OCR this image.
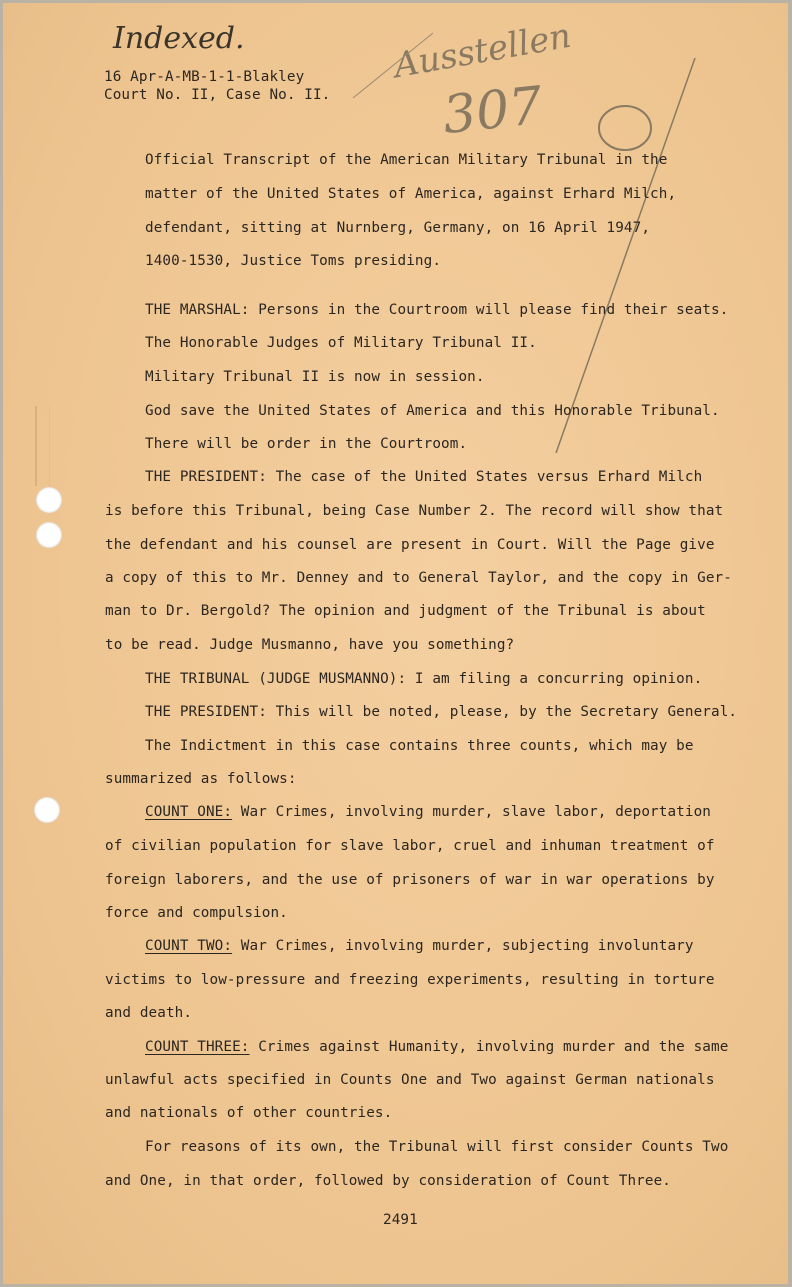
Indexed.	Ausstellen
307
16 Apr-A-MB-1-1-Blakley
Court No. II, Case No. II.
Official Transcript of the American Military Tribunal in the
matter of the United States of America, against Erhard Milch,
defendant, sitting at Nurnberg, Germany, on 16 April 1947,
1400-1530, Justice Toms presiding.
THE MARSHAL: Persons in the Courtroom will please find their seats.
The Honorable Judges of Military Tribunal II.
Military Tribunal II is now in session.
God save the United States of America and this Honorable Tribunal.
There will be order in the Courtroom.
THE PRESIDENT: The case of the United States versus Erhard Milch
is before this Tribunal, being Case Number 2. The record will show that
the defendant and his counsel are present in Court. Will the Page give
a copy of this to Mr. Denney and to General Taylor, and the copy in Ger-
man to Dr. Bergold? The opinion and judgment of the Tribunal is about
to be read. Judge Musmanno, have you something?
THE TRIBUNAL (JUDGE MUSMANNO): I am filing a concurring opinion.
THE PRESIDENT: This will be noted, please, by the Secretary General.
The Indictment in this case contains three counts, which may be
summarized as follows:
COUNT ONE: War Crimes, involving murder, slave labor, deportation
of civilian population for slave labor, cruel and inhuman treatment of
foreign laborers, and the use of prisoners of war in war operations by
force and compulsion.
COUNT TWO: War Crimes, involving murder, subjecting involuntary
victims to low-pressure and freezing experiments, resulting in torture
and death.
COUNT THREE: Crimes against Humanity, involving murder and the same
unlawful acts specified in Counts One and Two against German nationals
and nationals of other countries.
For reasons of its own, the Tribunal will first consider Counts Two
and One, in that order, followed by consideration of Count Three.
2491
